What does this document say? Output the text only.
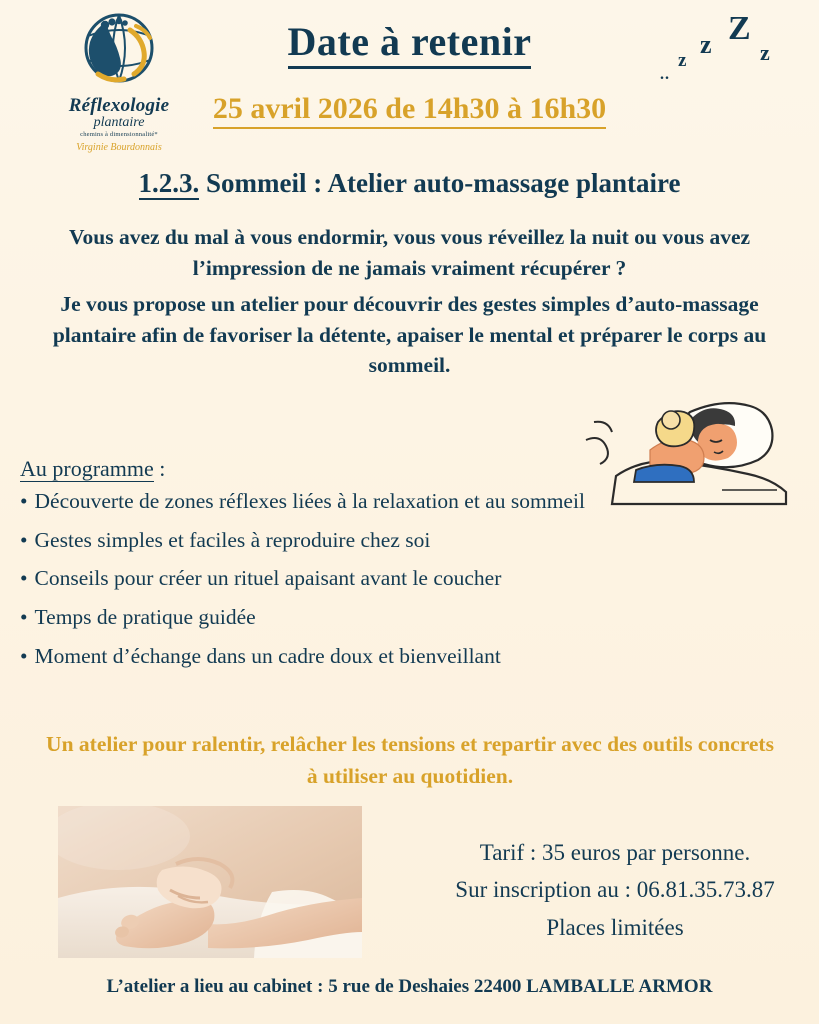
Réflexologie
plantaire
chemins à dimensionnalité*
Virginie Bourdonnais
Z
z
z	z
..
Date à retenir
25 avril 2026 de 14h30 à 16h30
1.2.3. Sommeil : Atelier auto-massage plantaire

Vous avez du mal à vous endormir, vous vous réveillez la nuit ou vous avez l’impression de ne jamais vraiment récupérer ?

Je vous propose un atelier pour découvrir des gestes simples d’auto-massage plantaire afin de favoriser la détente, apaiser le mental et préparer le corps au sommeil.

Au programme :
• Découverte de zones réflexes liées à la relaxation et au sommeil
• Gestes simples et faciles à reproduire chez soi
• Conseils pour créer un rituel apaisant avant le coucher
• Temps de pratique guidée
• Moment d’échange dans un cadre doux et bienveillant
Un atelier pour ralentir, relâcher les tensions et repartir avec des outils concrets à utiliser au quotidien.
Tarif : 35 euros par personne.
Sur inscription au : 06.81.35.73.87
Places limitées
L’atelier a lieu au cabinet : 5 rue de Deshaies 22400 LAMBALLE ARMOR
